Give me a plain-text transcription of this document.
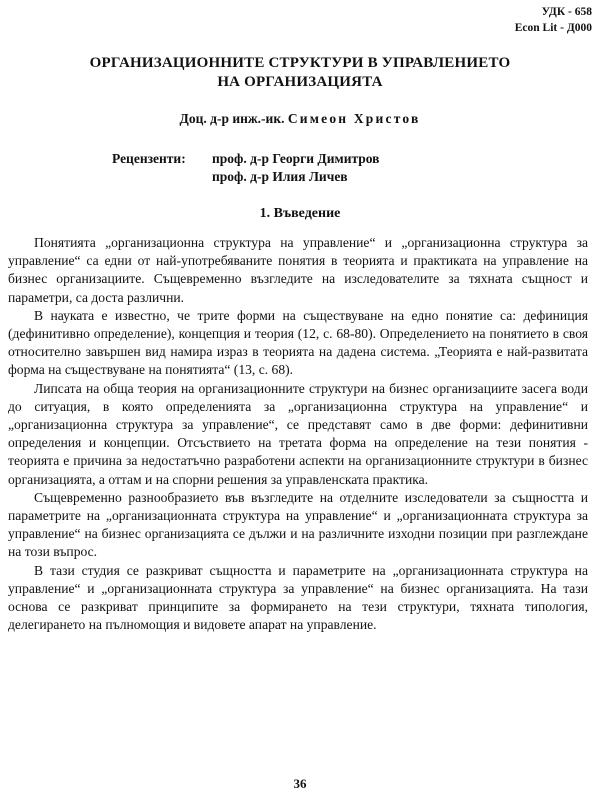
УДК - 658
Econ Lit - Д000
ОРГАНИЗАЦИОННИТЕ СТРУКТУРИ В УПРАВЛЕНИЕТО
НА ОРГАНИЗАЦИЯТА
Доц. д-р инж.-ик. Симеон Христов
Рецензенти: проф. д-р Георги Димитров
проф. д-р Илия Личев
1. Въведение

Понятията „организационна структура на управление“ и „организационна структура за управление“ са едни от най-употребяваните понятия в теорията и практиката на управление на бизнес организациите. Същевременно възгледите на изследователите за тяхната същност и параметри, са доста различни.

В науката е известно, че трите форми на съществуване на едно понятие са: дефиниция (дефинитивно определение), концепция и теория (12, с. 68-80). Определението на понятието в своя относително завършен вид намира израз в теорията на дадена система. „Теорията е най-развитата форма на съществуване на понятията“ (13, с. 68).

Липсата на обща теория на организационните структури на бизнес организациите засега води до ситуация, в която определенията за „организационна структура на управление“ и „организационна структура за управление“, се представят само в две форми: дефинитивни определения и концепции. Отсъствието на третата форма на определение на тези понятия - теорията е причина за недостатъчно разработени аспекти на организационните структури в бизнес организацията, а оттам и на спорни решения за управленската практика.

Същевременно разнообразието във възгледите на отделните изследователи за същността и параметрите на „организационната структура на управление“ и „организационната структура за управление“ на бизнес организацията се дължи и на различните изходни позиции при разглеждане на този въпрос.

В тази студия се разкриват същността и параметрите на „организационната структура на управление“ и „организационната структура за управление“ на бизнес организацията. На тази основа се разкриват принципите за формирането на тези структури, тяхната типология, делегирането на пълномощия и видовете апарат на управление.

36
